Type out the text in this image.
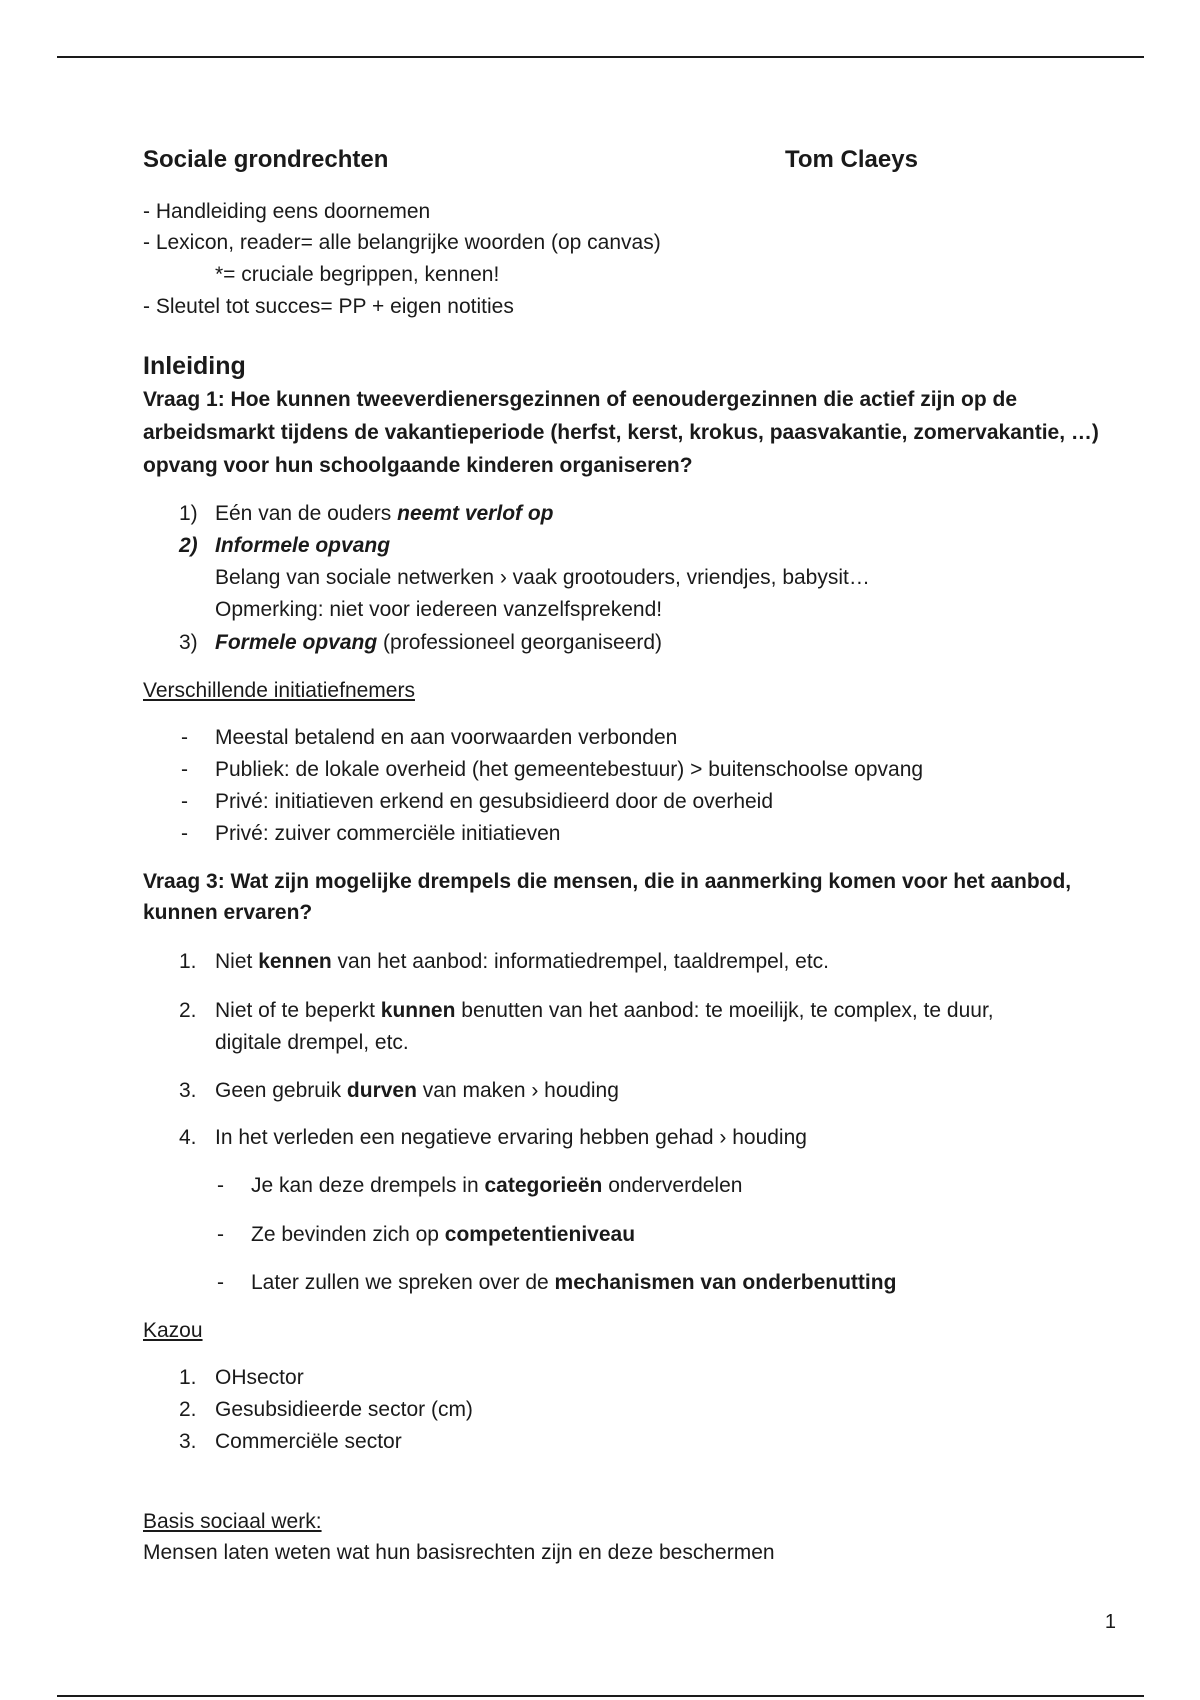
Sociale grondrechten	Tom Claeys
- Handleiding eens doornemen
- Lexicon, reader= alle belangrijke woorden (op canvas)
*= cruciale begrippen, kennen!
- Sleutel tot succes= PP + eigen notities
Inleiding
Vraag 1: Hoe kunnen tweeverdienersgezinnen of eenoudergezinnen die actief zijn op de
arbeidsmarkt tijdens de vakantieperiode (herfst, kerst, krokus, paasvakantie, zomervakantie, …)
opvang voor hun schoolgaande kinderen organiseren?
1) Eén van de ouders neemt verlof op
2) Informele opvang
Belang van sociale netwerken › vaak grootouders, vriendjes, babysit…
Opmerking: niet voor iedereen vanzelfsprekend!
3) Formele opvang (professioneel georganiseerd)
Verschillende initiatiefnemers
- Meestal betalend en aan voorwaarden verbonden
- Publiek: de lokale overheid (het gemeentebestuur) > buitenschoolse opvang
- Privé: initiatieven erkend en gesubsidieerd door de overheid
- Privé: zuiver commerciële initiatieven
Vraag 3: Wat zijn mogelijke drempels die mensen, die in aanmerking komen voor het aanbod,
kunnen ervaren?
1. Niet kennen van het aanbod: informatiedrempel, taaldrempel, etc.
2. Niet of te beperkt kunnen benutten van het aanbod: te moeilijk, te complex, te duur,
digitale drempel, etc.
3. Geen gebruik durven van maken › houding
4. In het verleden een negatieve ervaring hebben gehad › houding
- Je kan deze drempels in categorieën onderverdelen
- Ze bevinden zich op competentieniveau
- Later zullen we spreken over de mechanismen van onderbenutting
Kazou
1. OHsector
2. Gesubsidieerde sector (cm)
3. Commerciële sector
Basis sociaal werk:
Mensen laten weten wat hun basisrechten zijn en deze beschermen
1
